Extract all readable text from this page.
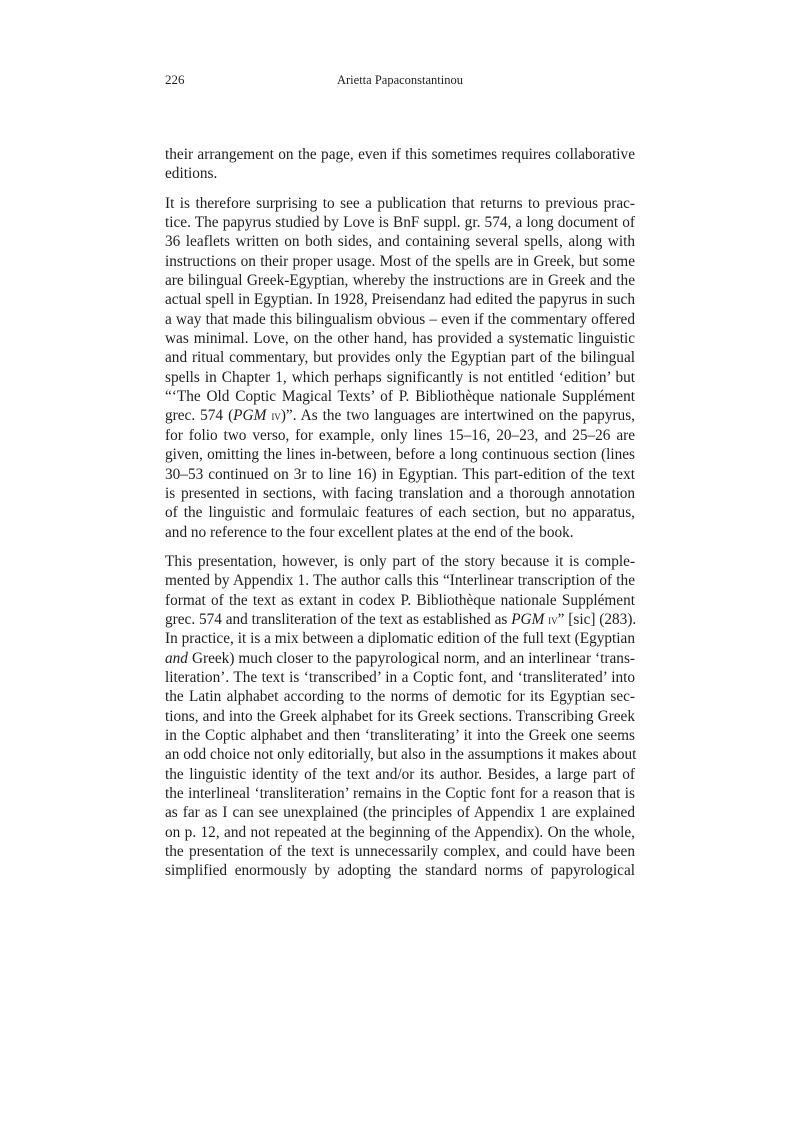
226	Arietta Papaconstantinou
their arrangement on the page, even if this sometimes requires collaborative
editions.
It is therefore surprising to see a publication that returns to previous prac-
tice. The papyrus studied by Love is BnF suppl. gr. 574, a long document of
36 leaflets written on both sides, and containing several spells, along with
instructions on their proper usage. Most of the spells are in Greek, but some
are bilingual Greek-Egyptian, whereby the instructions are in Greek and the
actual spell in Egyptian. In 1928, Preisendanz had edited the papyrus in such
a way that made this bilingualism obvious – even if the commentary offered
was minimal. Love, on the other hand, has provided a systematic linguistic
and ritual commentary, but provides only the Egyptian part of the bilingual
spells in Chapter 1, which perhaps significantly is not entitled ‘edition’ but
“‘The Old Coptic Magical Texts’ of P. Bibliothèque nationale Supplément
grec. 574 (PGM iv)”. As the two languages are intertwined on the papyrus,
for folio two verso, for example, only lines 15–16, 20–23, and 25–26 are
given, omitting the lines in-between, before a long continuous section (lines
30–53 continued on 3r to line 16) in Egyptian. This part-edition of the text
is presented in sections, with facing translation and a thorough annotation
of the linguistic and formulaic features of each section, but no apparatus,
and no reference to the four excellent plates at the end of the book.
This presentation, however, is only part of the story because it is comple-
mented by Appendix 1. The author calls this “Interlinear transcription of the
format of the text as extant in codex P. Bibliothèque nationale Supplément
grec. 574 and transliteration of the text as established as PGM iv” [sic] (283).
In practice, it is a mix between a diplomatic edition of the full text (Egyptian
and Greek) much closer to the papyrological norm, and an interlinear ‘trans-
literation’. The text is ‘transcribed’ in a Coptic font, and ‘transliterated’ into
the Latin alphabet according to the norms of demotic for its Egyptian sec-
tions, and into the Greek alphabet for its Greek sections. Transcribing Greek
in the Coptic alphabet and then ‘transliterating’ it into the Greek one seems
an odd choice not only editorially, but also in the assumptions it makes about
the linguistic identity of the text and/or its author. Besides, a large part of
the interlineal ‘transliteration’ remains in the Coptic font for a reason that is
as far as I can see unexplained (the principles of Appendix 1 are explained
on p. 12, and not repeated at the beginning of the Appendix). On the whole,
the presentation of the text is unnecessarily complex, and could have been
simplified enormously by adopting the standard norms of papyrological
